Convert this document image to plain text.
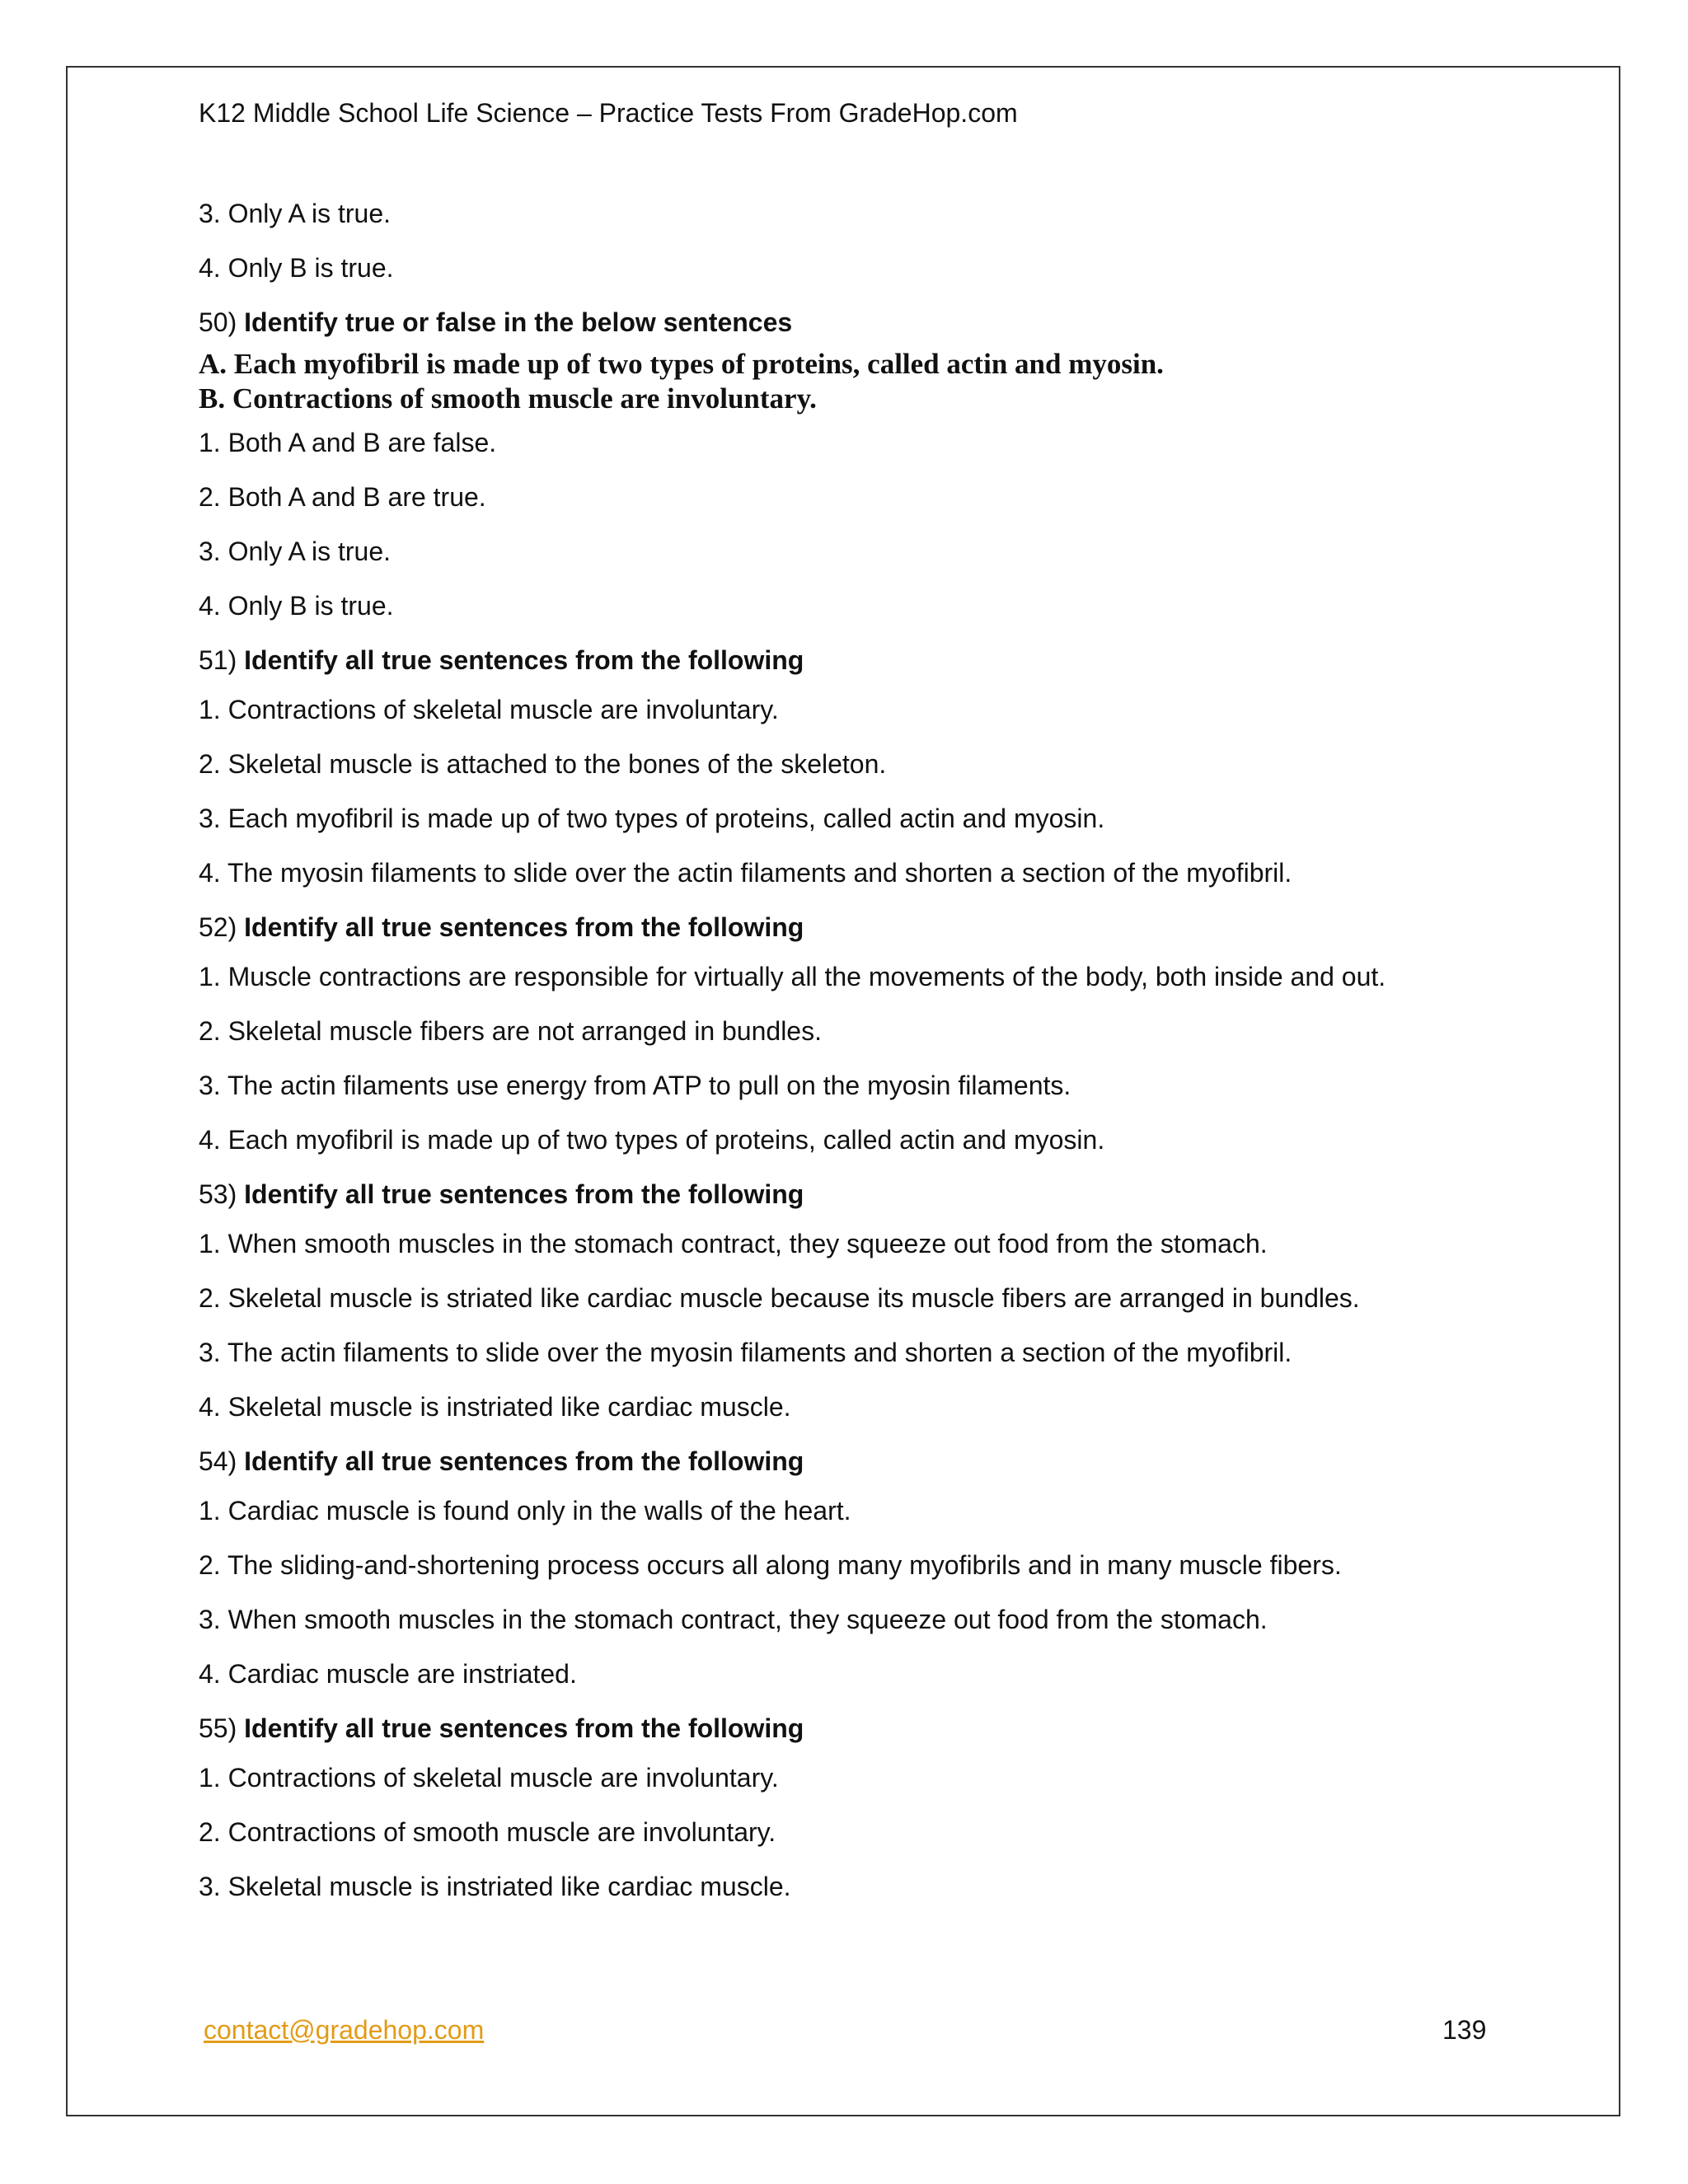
K12 Middle School Life Science – Practice Tests From GradeHop.com
3. Only A is true.
4. Only B is true.
50) Identify true or false in the below sentences
A. Each myofibril is made up of two types of proteins, called actin and myosin.
B. Contractions of smooth muscle are involuntary.
1. Both A and B are false.
2. Both A and B are true.
3. Only A is true.
4. Only B is true.
51) Identify all true sentences from the following
1. Contractions of skeletal muscle are involuntary.
2. Skeletal muscle is attached to the bones of the skeleton.
3. Each myofibril is made up of two types of proteins, called actin and myosin.
4. The myosin filaments to slide over the actin filaments and shorten a section of the myofibril.
52) Identify all true sentences from the following
1. Muscle contractions are responsible for virtually all the movements of the body, both inside and out.
2. Skeletal muscle fibers are not arranged in bundles.
3. The actin filaments use energy from ATP to pull on the myosin filaments.
4. Each myofibril is made up of two types of proteins, called actin and myosin.
53) Identify all true sentences from the following
1. When smooth muscles in the stomach contract, they squeeze out food from the stomach.
2. Skeletal muscle is striated like cardiac muscle because its muscle fibers are arranged in bundles.
3. The actin filaments to slide over the myosin filaments and shorten a section of the myofibril.
4. Skeletal muscle is instriated like cardiac muscle.
54) Identify all true sentences from the following
1. Cardiac muscle is found only in the walls of the heart.
2. The sliding-and-shortening process occurs all along many myofibrils and in many muscle fibers.
3. When smooth muscles in the stomach contract, they squeeze out food from the stomach.
4. Cardiac muscle are instriated.
55) Identify all true sentences from the following
1. Contractions of skeletal muscle are involuntary.
2. Contractions of smooth muscle are involuntary.
3. Skeletal muscle is instriated like cardiac muscle.
contact@gradehop.com	139
